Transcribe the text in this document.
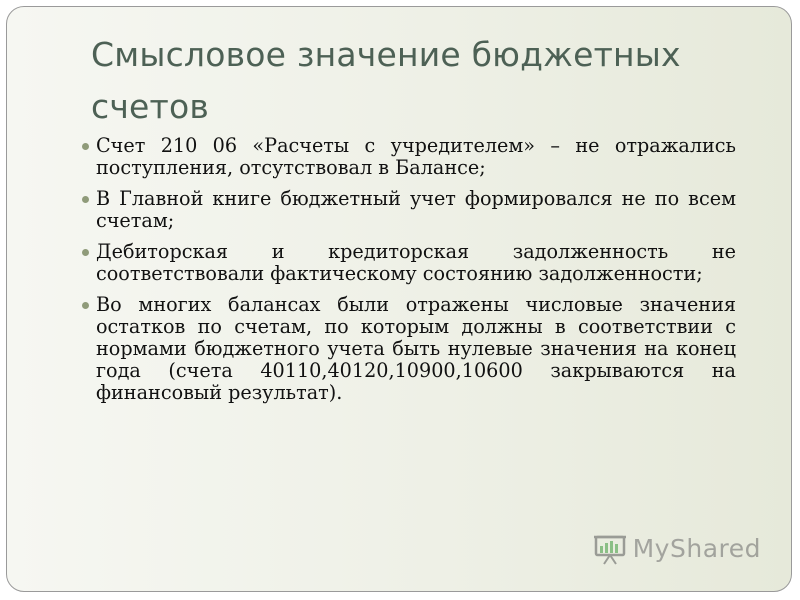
Смысловое значение бюджетных счетов
Счет 210 06 «Расчеты с учредителем» – не отражались поступления, отсутствовал в Балансе;
В Главной книге бюджетный учет формировался не по всем счетам;
Дебиторская и кредиторская задолженность не соответствовали фактическому состоянию задолженности;
Во многих балансах были отражены числовые значения остатков по счетам, по которым должны в соответствии с нормами бюджетного учета быть нулевые значения на конец года (счета 40110,40120,10900,10600 закрываются на финансовый результат).
MyShared
